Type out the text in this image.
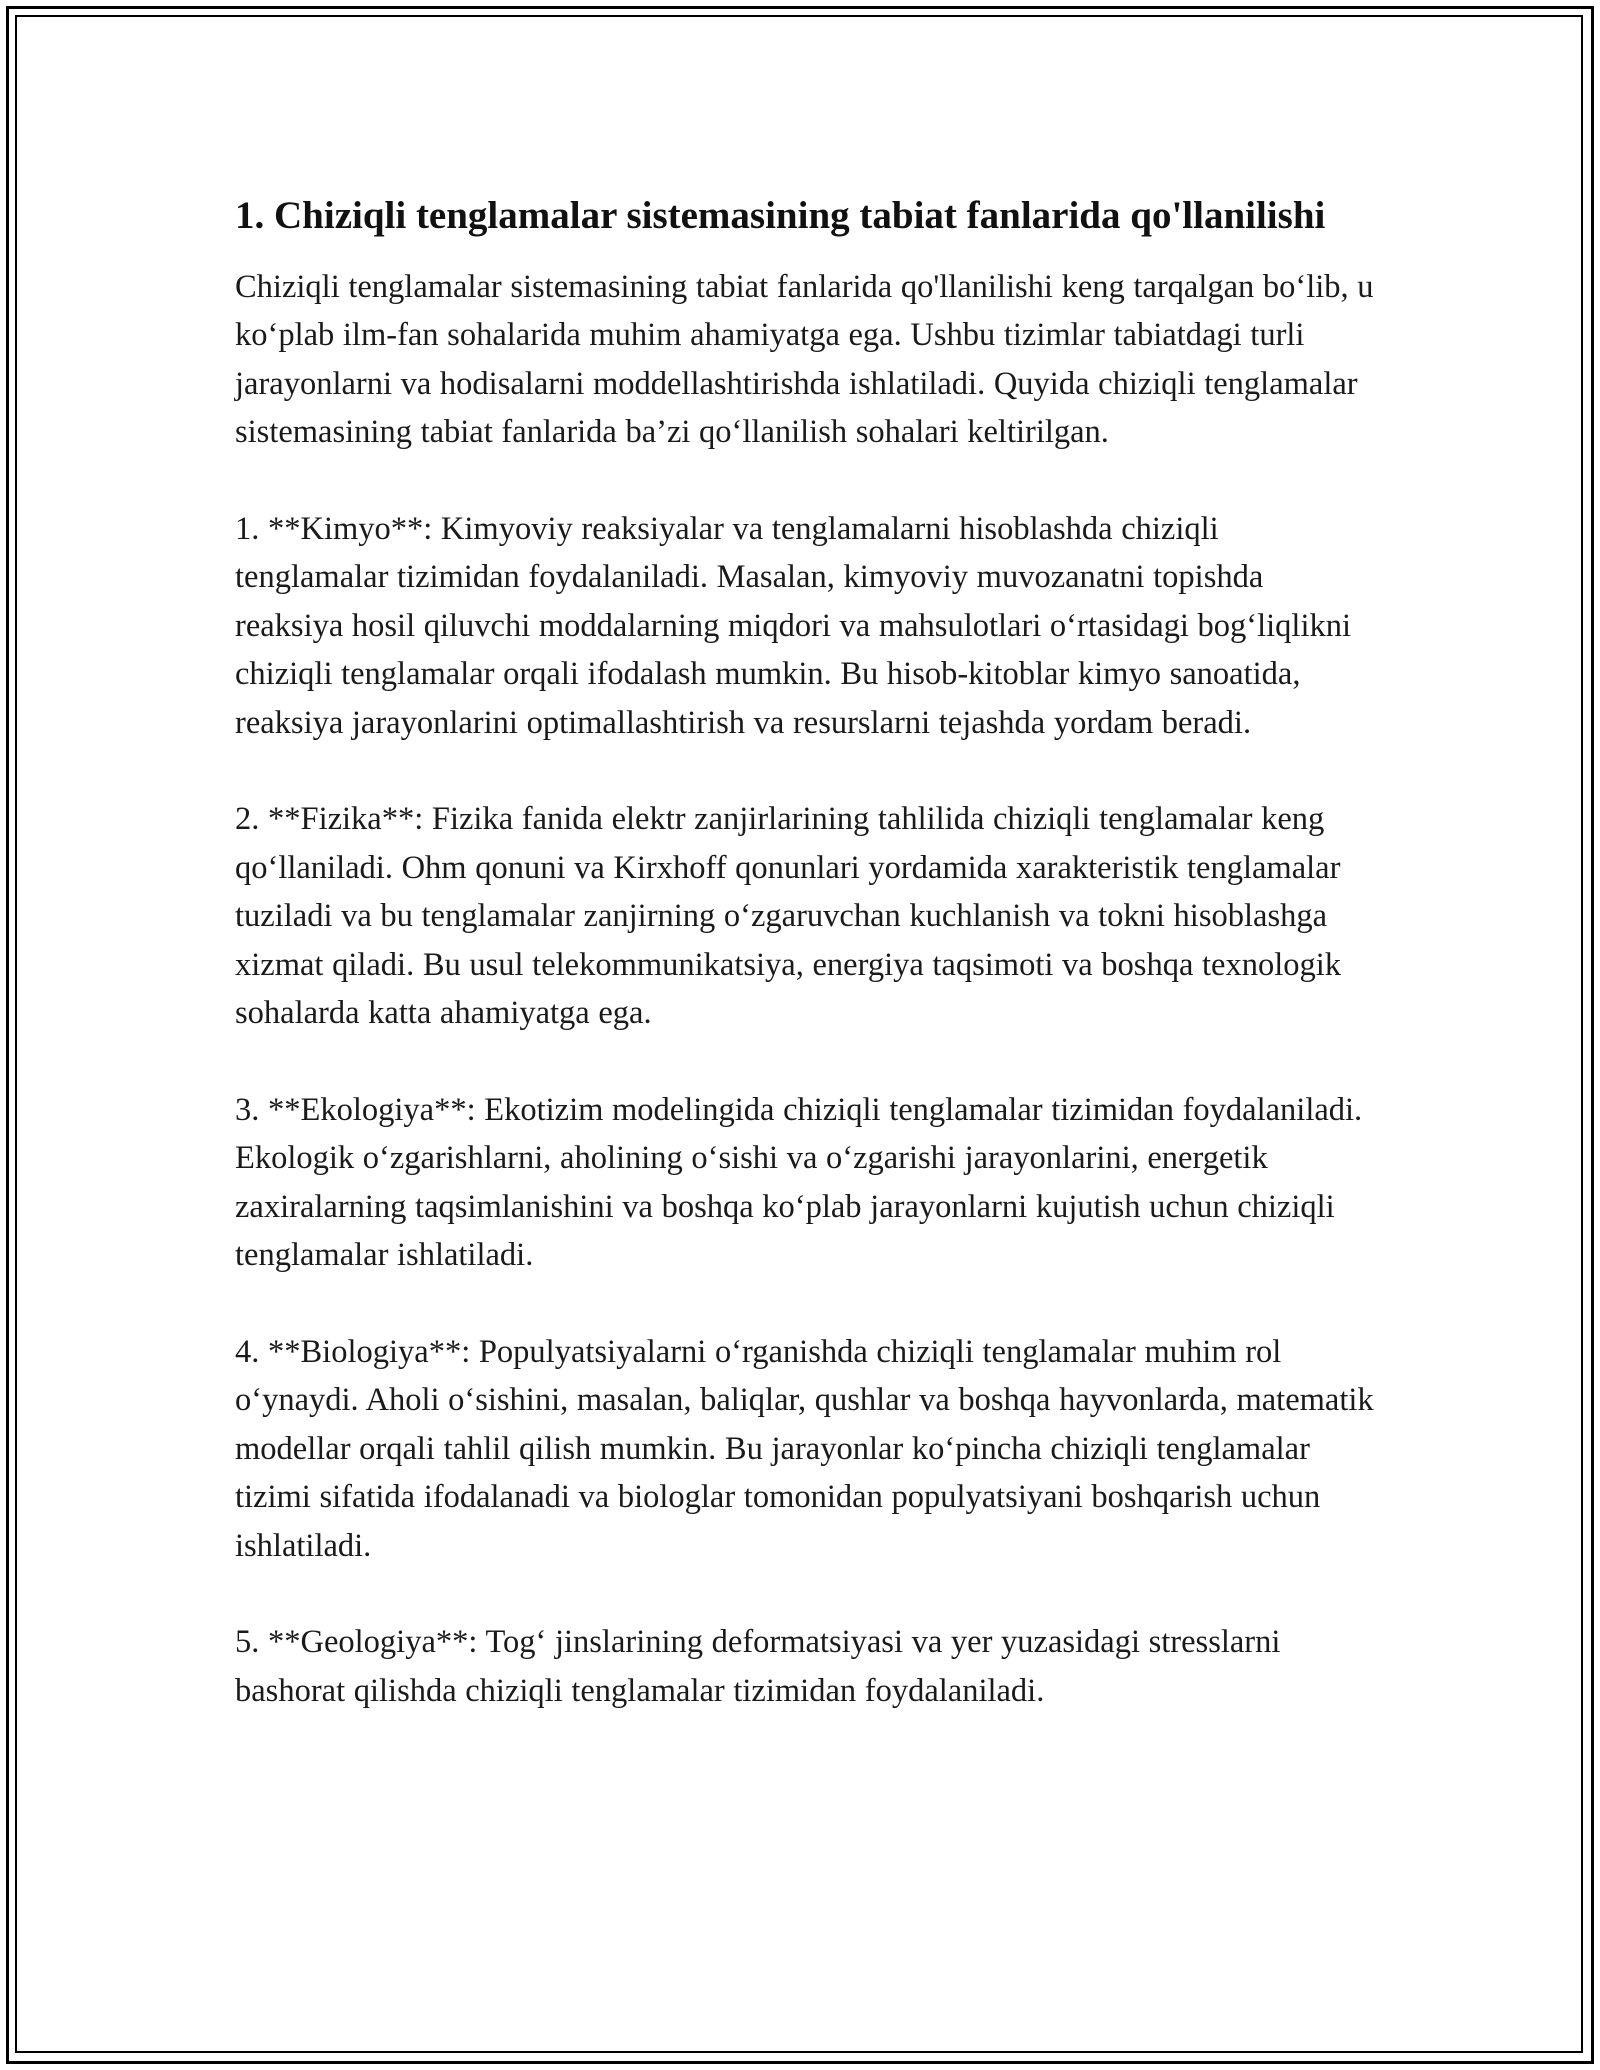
1. Chiziqli tenglamalar sistemasining tabiat fanlarida qo'llanilishi

Chiziqli tenglamalar sistemasining tabiat fanlarida qo'llanilishi keng tarqalgan bo‘lib, u ko‘plab ilm-fan sohalarida muhim ahamiyatga ega. Ushbu tizimlar tabiatdagi turli jarayonlarni va hodisalarni moddellashtirishda ishlatiladi. Quyida chiziqli tenglamalar sistemasining tabiat fanlarida ba’zi qo‘llanilish sohalari keltirilgan.

1. **Kimyo**: Kimyoviy reaksiyalar va tenglamalarni hisoblashda chiziqli tenglamalar tizimidan foydalaniladi. Masalan, kimyoviy muvozanatni topishda reaksiya hosil qiluvchi moddalarning miqdori va mahsulotlari o‘rtasidagi bog‘liqlikni chiziqli tenglamalar orqali ifodalash mumkin. Bu hisob-kitoblar kimyo sanoatida, reaksiya jarayonlarini optimallashtirish va resurslarni tejashda yordam beradi.

2. **Fizika**: Fizika fanida elektr zanjirlarining tahlilida chiziqli tenglamalar keng qo‘llaniladi. Ohm qonuni va Kirxhoff qonunlari yordamida xarakteristik tenglamalar tuziladi va bu tenglamalar zanjirning o‘zgaruvchan kuchlanish va tokni hisoblashga xizmat qiladi. Bu usul telekommunikatsiya, energiya taqsimoti va boshqa texnologik sohalarda katta ahamiyatga ega.

3. **Ekologiya**: Ekotizim modelingida chiziqli tenglamalar tizimidan foydalaniladi. Ekologik o‘zgarishlarni, aholining o‘sishi va o‘zgarishi jarayonlarini, energetik zaxiralarning taqsimlanishini va boshqa ko‘plab jarayonlarni kujutish uchun chiziqli tenglamalar ishlatiladi.

4. **Biologiya**: Populyatsiyalarni o‘rganishda chiziqli tenglamalar muhim rol o‘ynaydi. Aholi o‘sishini, masalan, baliqlar, qushlar va boshqa hayvonlarda, matematik modellar orqali tahlil qilish mumkin. Bu jarayonlar ko‘pincha chiziqli tenglamalar tizimi sifatida ifodalanadi va biologlar tomonidan populyatsiyani boshqarish uchun ishlatiladi.

5. **Geologiya**: Tog‘ jinslarining deformatsiyasi va yer yuzasidagi stresslarni bashorat qilishda chiziqli tenglamalar tizimidan foydalaniladi.
